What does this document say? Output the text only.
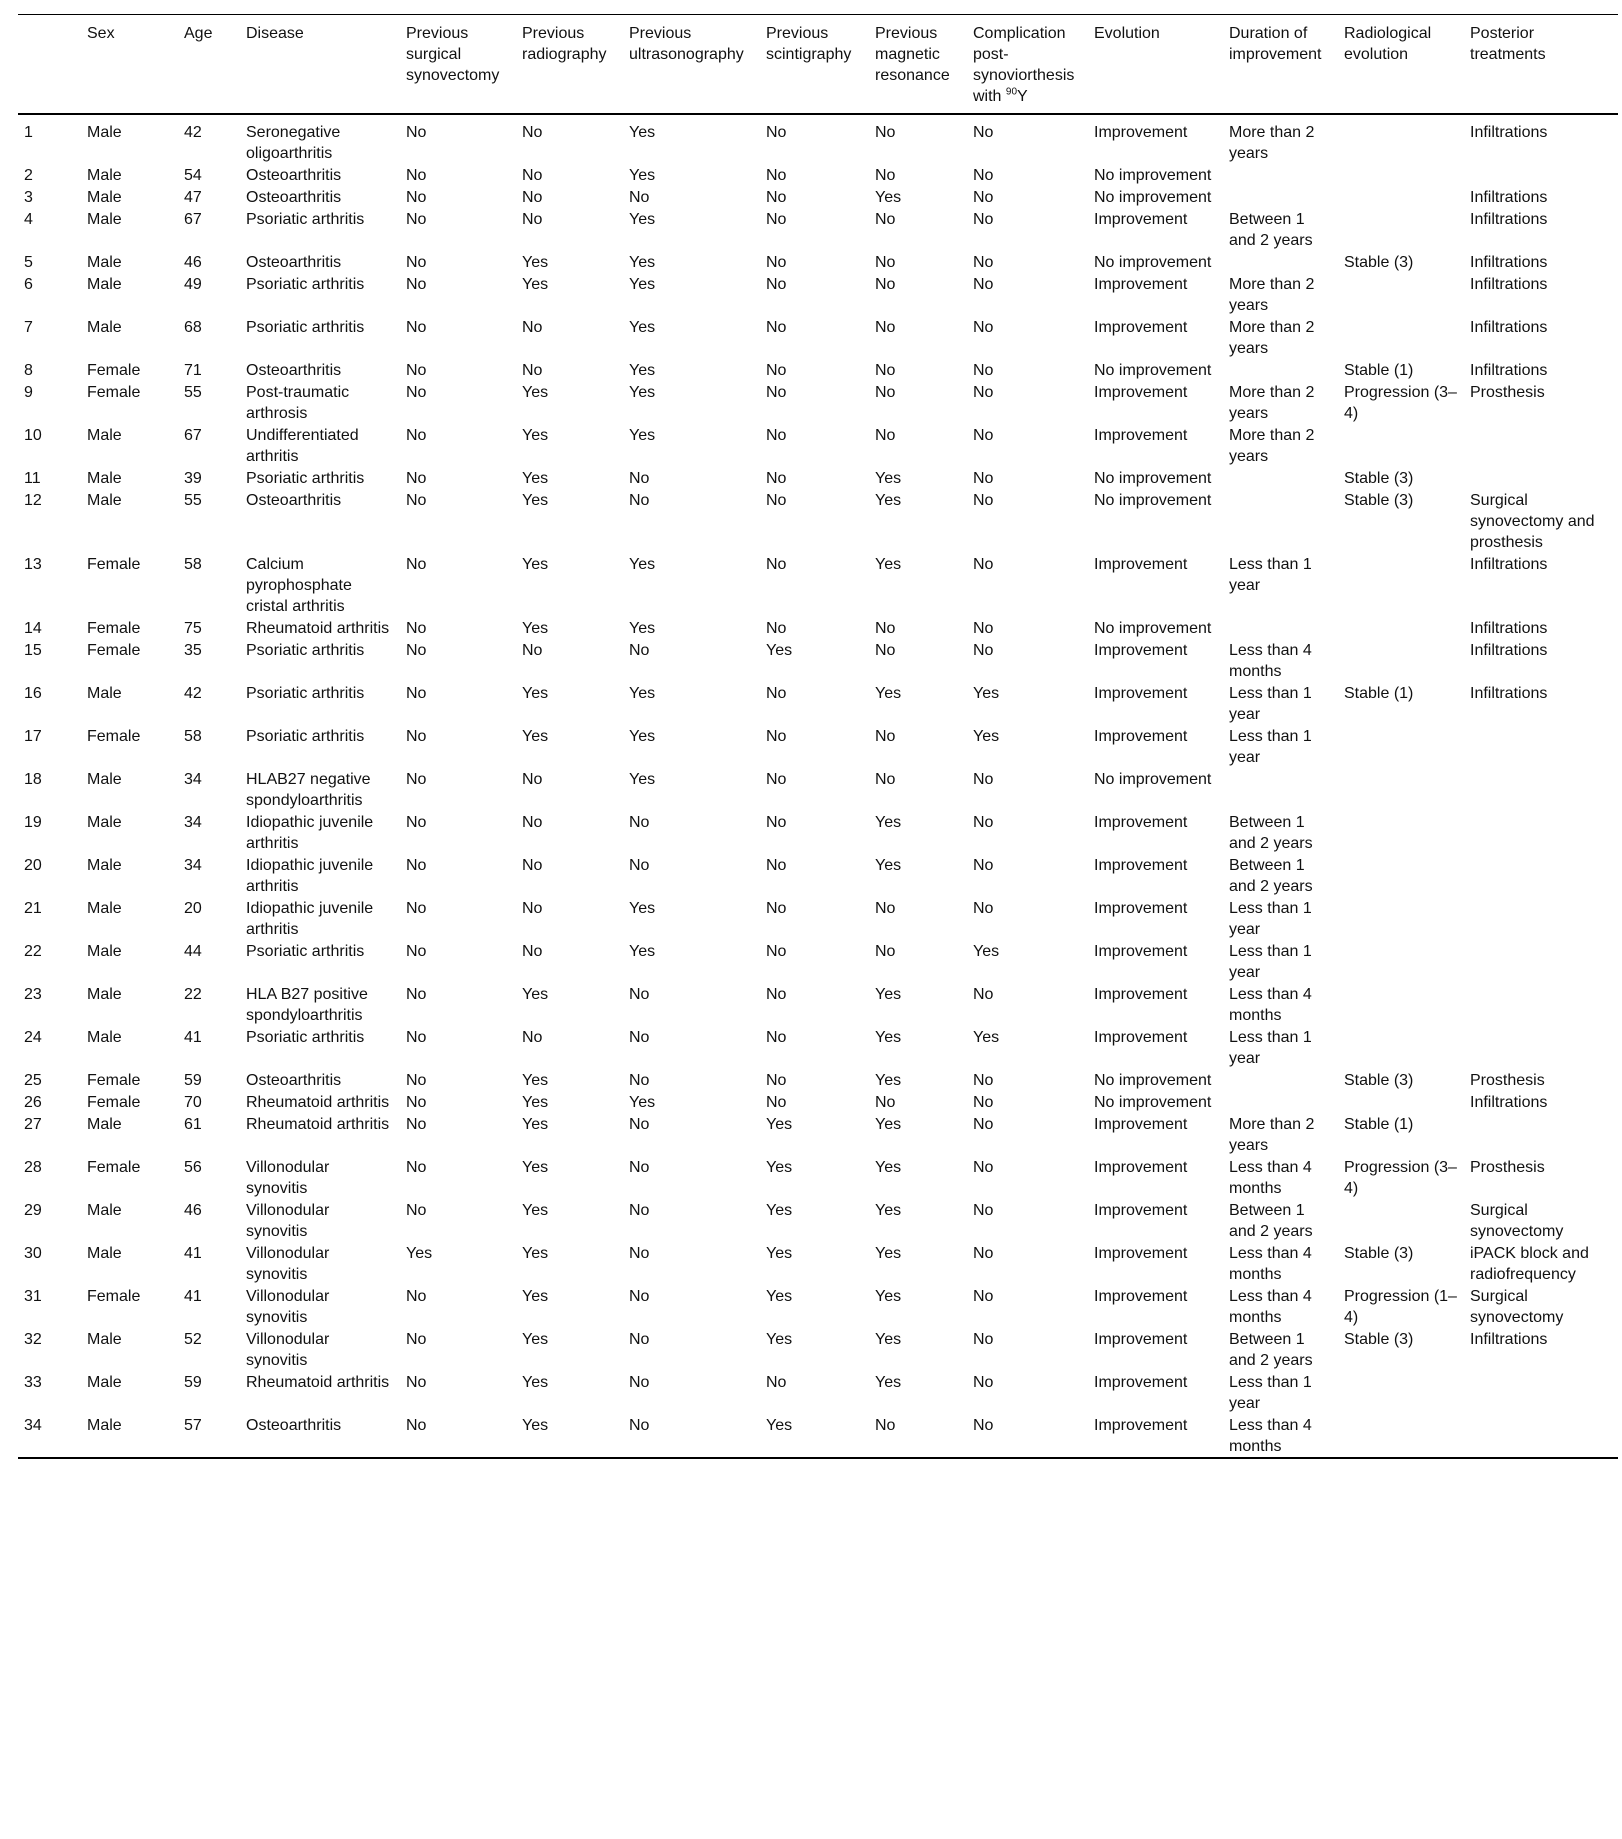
	Sex	Age	Disease	Previous surgical synovectomy	Previous radiography	Previous ultrasonography	Previous scintigraphy	Previous magnetic resonance	Complication post-synoviorthesis with $^{90}$Y	Evolution	Duration of improvement	Radiological evolution	Posterior treatments
1	Male	42	Seronegative oligoarthritis	No	No	Yes	No	No	No	Improvement	More than 2 years		Infiltrations
2	Male	54	Osteoarthritis	No	No	Yes	No	No	No	No improvement			
3	Male	47	Osteoarthritis	No	No	No	No	Yes	No	No improvement			Infiltrations
4	Male	67	Psoriatic arthritis	No	No	Yes	No	No	No	Improvement	Between 1 and 2 years		Infiltrations
5	Male	46	Osteoarthritis	No	Yes	Yes	No	No	No	No improvement		Stable (3)	Infiltrations
6	Male	49	Psoriatic arthritis	No	Yes	Yes	No	No	No	Improvement	More than 2 years		Infiltrations
7	Male	68	Psoriatic arthritis	No	No	Yes	No	No	No	Improvement	More than 2 years		Infiltrations
8	Female	71	Osteoarthritis	No	No	Yes	No	No	No	No improvement		Stable (1)	Infiltrations
9	Female	55	Post-traumatic arthrosis	No	Yes	Yes	No	No	No	Improvement	More than 2 years	Progression (3–4)	Prosthesis
10	Male	67	Undifferentiated arthritis	No	Yes	Yes	No	No	No	Improvement	More than 2 years		
11	Male	39	Psoriatic arthritis	No	Yes	No	No	Yes	No	No improvement		Stable (3)	
12	Male	55	Osteoarthritis	No	Yes	No	No	Yes	No	No improvement		Stable (3)	Surgical synovectomy and prosthesis
13	Female	58	Calcium pyrophosphate cristal arthritis	No	Yes	Yes	No	Yes	No	Improvement	Less than 1 year		Infiltrations
14	Female	75	Rheumatoid arthritis	No	Yes	Yes	No	No	No	No improvement			Infiltrations
15	Female	35	Psoriatic arthritis	No	No	No	Yes	No	No	Improvement	Less than 4 months		Infiltrations
16	Male	42	Psoriatic arthritis	No	Yes	Yes	No	Yes	Yes	Improvement	Less than 1 year	Stable (1)	Infiltrations
17	Female	58	Psoriatic arthritis	No	Yes	Yes	No	No	Yes	Improvement	Less than 1 year		
18	Male	34	HLAB27 negative spondyloarthritis	No	No	Yes	No	No	No	No improvement			
19	Male	34	Idiopathic juvenile arthritis	No	No	No	No	Yes	No	Improvement	Between 1 and 2 years		
20	Male	34	Idiopathic juvenile arthritis	No	No	No	No	Yes	No	Improvement	Between 1 and 2 years		
21	Male	20	Idiopathic juvenile arthritis	No	No	Yes	No	No	No	Improvement	Less than 1 year		
22	Male	44	Psoriatic arthritis	No	No	Yes	No	No	Yes	Improvement	Less than 1 year		
23	Male	22	HLA B27 positive spondyloarthritis	No	Yes	No	No	Yes	No	Improvement	Less than 4 months		
24	Male	41	Psoriatic arthritis	No	No	No	No	Yes	Yes	Improvement	Less than 1 year		
25	Female	59	Osteoarthritis	No	Yes	No	No	Yes	No	No improvement		Stable (3)	Prosthesis
26	Female	70	Rheumatoid arthritis	No	Yes	Yes	No	No	No	No improvement			Infiltrations
27	Male	61	Rheumatoid arthritis	No	Yes	No	Yes	Yes	No	Improvement	More than 2 years	Stable (1)	
28	Female	56	Villonodular synovitis	No	Yes	No	Yes	Yes	No	Improvement	Less than 4 months	Progression (3–4)	Prosthesis
29	Male	46	Villonodular synovitis	No	Yes	No	Yes	Yes	No	Improvement	Between 1 and 2 years		Surgical synovectomy
30	Male	41	Villonodular synovitis	Yes	Yes	No	Yes	Yes	No	Improvement	Less than 4 months	Stable (3)	iPACK block and radiofrequency
31	Female	41	Villonodular synovitis	No	Yes	No	Yes	Yes	No	Improvement	Less than 4 months	Progression (1–4)	Surgical synovectomy
32	Male	52	Villonodular synovitis	No	Yes	No	Yes	Yes	No	Improvement	Between 1 and 2 years	Stable (3)	Infiltrations
33	Male	59	Rheumatoid arthritis	No	Yes	No	No	Yes	No	Improvement	Less than 1 year		
34	Male	57	Osteoarthritis	No	Yes	No	Yes	No	No	Improvement	Less than 4 months		
